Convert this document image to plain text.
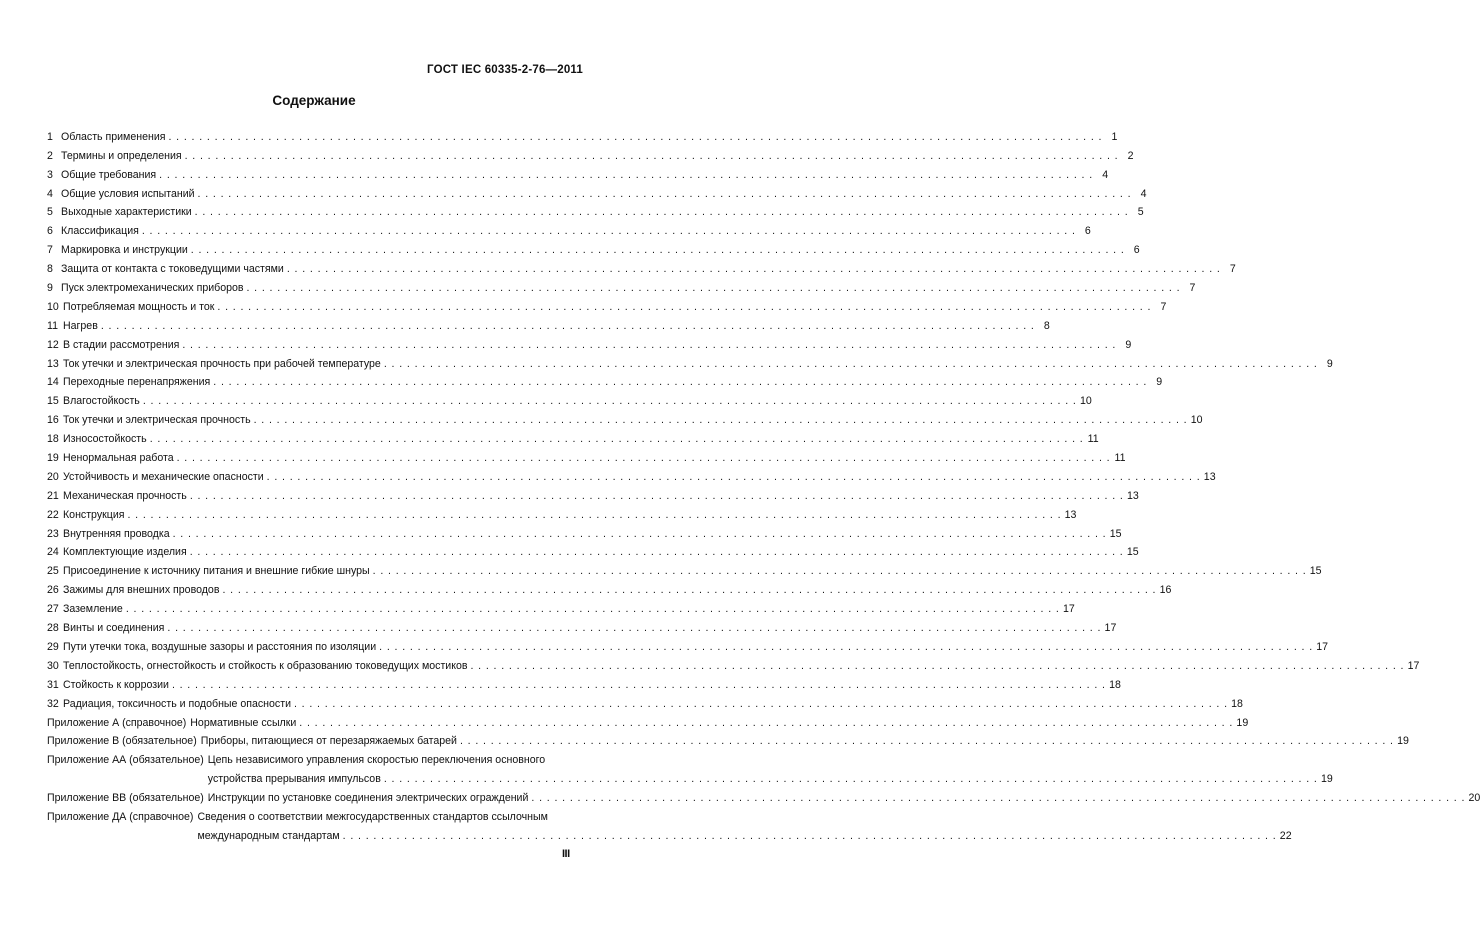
ГОСТ IEC 60335-2-76—2011
Содержание
1 Область применения . . .	1
2 Термины и определения . . .	2
3 Общие требования . . .	4
4 Общие условия испытаний . . .	4
5 Выходные характеристики . . .	5
6 Классификация . . .	6
7 Маркировка и инструкции . . .	6
8 Защита от контакта с токоведущими частями . . .	7
9 Пуск электромеханических приборов . . .	7
10 Потребляемая мощность и ток . . .	7
11 Нагрев . . .	8
12 В стадии рассмотрения . . .	9
13 Ток утечки и электрическая прочность при рабочей температуре . . .	9
14 Переходные перенапряжения . . .	9
15 Влагостойкость . . .	10
16 Ток утечки и электрическая прочность . . .	10
18 Износостойкость . . .	11
19 Ненормальная работа . . .	11
20 Устойчивость и механические опасности . . .	13
21 Механическая прочность . . .	13
22 Конструкция . . .	13
23 Внутренняя проводка . . .	15
24 Комплектующие изделия . . .	15
25 Присоединение к источнику питания и внешние гибкие шнуры . . .	15
26 Зажимы для внешних проводов . . .	16
27 Заземление . . .	17
28 Винты и соединения . . .	17
29 Пути утечки тока, воздушные зазоры и расстояния по изоляции . . .	17
30 Теплостойкость, огнестойкость и стойкость к образованию токоведущих мостиков . . .	17
31 Стойкость к коррозии . . .	18
32 Радиация, токсичность и подобные опасности . . .	18
Приложение А (справочное) Нормативные ссылки . . .	19
Приложение В (обязательное) Приборы, питающиеся от перезаряжаемых батарей . . .	19
Приложение АА (обязательное) Цепь независимого управления скоростью переключения основного
устройства прерывания импульсов . . .	19
Приложение ВВ (обязательное) Инструкции по установке соединения электрических ограждений . . .	20
Приложение ДА (справочное) Сведения о соответствии межгосударственных стандартов ссылочным
международным стандартам . . .	22
III
